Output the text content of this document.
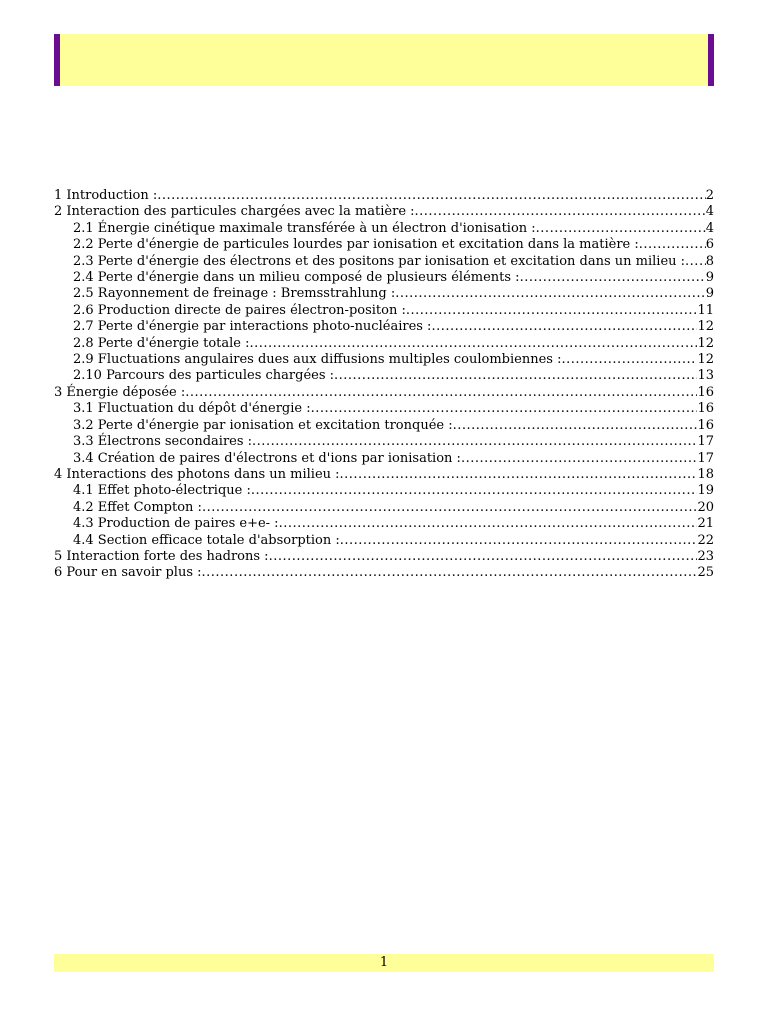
1 Introduction : .....	2
2 Interaction des particules chargées avec la matière : .....	4
2.1 Énergie cinétique maximale transférée à un électron d'ionisation : .....	4
2.2 Perte d'énergie de particules lourdes par ionisation et excitation dans la matière : .....	6
2.3 Perte d'énergie des électrons et des positons par ionisation et excitation dans un milieu : ..... 8
2.4 Perte d'énergie dans un milieu composé de plusieurs éléments : .....	9
2.5 Rayonnement de freinage : Bremsstrahlung : .....	9
2.6 Production directe de paires électron-positon : .....	11
2.7 Perte d'énergie par interactions photo-nucléaires : .....	12
2.8 Perte d'énergie totale : .....	12
2.9 Fluctuations angulaires dues aux diffusions multiples coulombiennes : .....	12
2.10 Parcours des particules chargées : .....	13
3 Énergie déposée : .....	16
3.1 Fluctuation du dépôt d'énergie : .....	16
3.2 Perte d'énergie par ionisation et excitation tronquée : .....	16
3.3 Électrons secondaires : .....	17
3.4 Création de paires d'électrons et d'ions par ionisation : .....	17
4 Interactions des photons dans un milieu : .....	18
4.1 Effet photo-électrique : .....	19
4.2 Effet Compton : .....	20
4.3 Production de paires e+e- : .....	21
4.4 Section efficace totale d'absorption : .....	22
5 Interaction forte des hadrons : .....	23
6 Pour en savoir plus : .....	25
1
